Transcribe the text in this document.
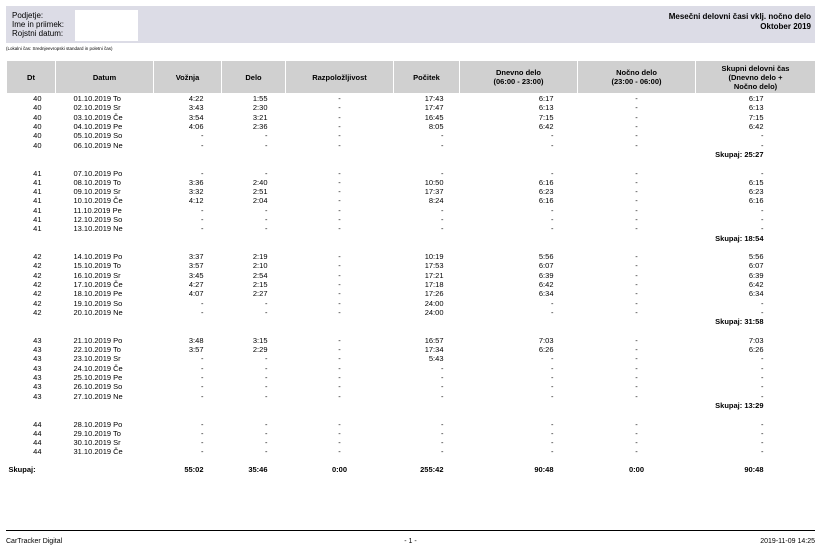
Podjetje:
Ime in priimek:
Rojstni datum:
Mesečni delovni časi vklj. nočno delo
Oktober 2019
(Lokalni čas: Srednjeevropski standard in poletni čas)
Dt	Datum	Vožnja	Delo	Razpoložljivost	Počitek	Dnevno delo
(06:00 - 23:00)	Nočno delo
(23:00 - 06:00)	Skupni delovni čas
(Dnevno delo +
Nočno delo)
40	01.10.2019 To	4:22	1:55	-	17:43	6:17	-	6:17
40	02.10.2019 Sr	3:43	2:30	-	17:47	6:13	-	6:13
40	03.10.2019 Če	3:54	3:21	-	16:45	7:15	-	7:15
40	04.10.2019 Pe	4:06	2:36	-	8:05	6:42	-	6:42
40	05.10.2019 So	-	-	-	-	-	-	-
40	06.10.2019 Ne	-	-	-	-	-	-	-
Skupaj: 25:27								

41	07.10.2019 Po	-	-	-	-	-	-	-
41	08.10.2019 To	3:36	2:40	-	10:50	6:16	-	6:15
41	09.10.2019 Sr	3:32	2:51	-	17:37	6:23	-	6:23
41	10.10.2019 Če	4:12	2:04	-	8:24	6:16	-	6:16
41	11.10.2019 Pe	-	-	-	-	-	-	-
41	12.10.2019 So	-	-	-	-	-	-	-
41	13.10.2019 Ne	-	-	-	-	-	-	-
Skupaj: 18:54								

42	14.10.2019 Po	3:37	2:19	-	10:19	5:56	-	5:56
42	15.10.2019 To	3:57	2:10	-	17:53	6:07	-	6:07
42	16.10.2019 Sr	3:45	2:54	-	17:21	6:39	-	6:39
42	17.10.2019 Če	4:27	2:15	-	17:18	6:42	-	6:42
42	18.10.2019 Pe	4:07	2:27	-	17:26	6:34	-	6:34
42	19.10.2019 So	-	-	-	24:00	-	-	-
42	20.10.2019 Ne	-	-	-	24:00	-	-	-
Skupaj: 31:58								

43	21.10.2019 Po	3:48	3:15	-	16:57	7:03	-	7:03
43	22.10.2019 To	3:57	2:29	-	17:34	6:26	-	6:26
43	23.10.2019 Sr	-	-	-	5:43	-	-	-
43	24.10.2019 Če	-	-	-	-	-	-	-
43	25.10.2019 Pe	-	-	-	-	-	-	-
43	26.10.2019 So	-	-	-	-	-	-	-
43	27.10.2019 Ne	-	-	-	-	-	-	-
Skupaj: 13:29								

44	28.10.2019 Po	-	-	-	-	-	-	-
44	29.10.2019 To	-	-	-	-	-	-	-
44	30.10.2019 Sr	-	-	-	-	-	-	-
44	31.10.2019 Če	-	-	-	-	-	-	-
Skupaj:		55:02	35:46	0:00	255:42	90:48	0:00	90:48
CarTracker Digital	- 1 -	2019-11-09 14:25
